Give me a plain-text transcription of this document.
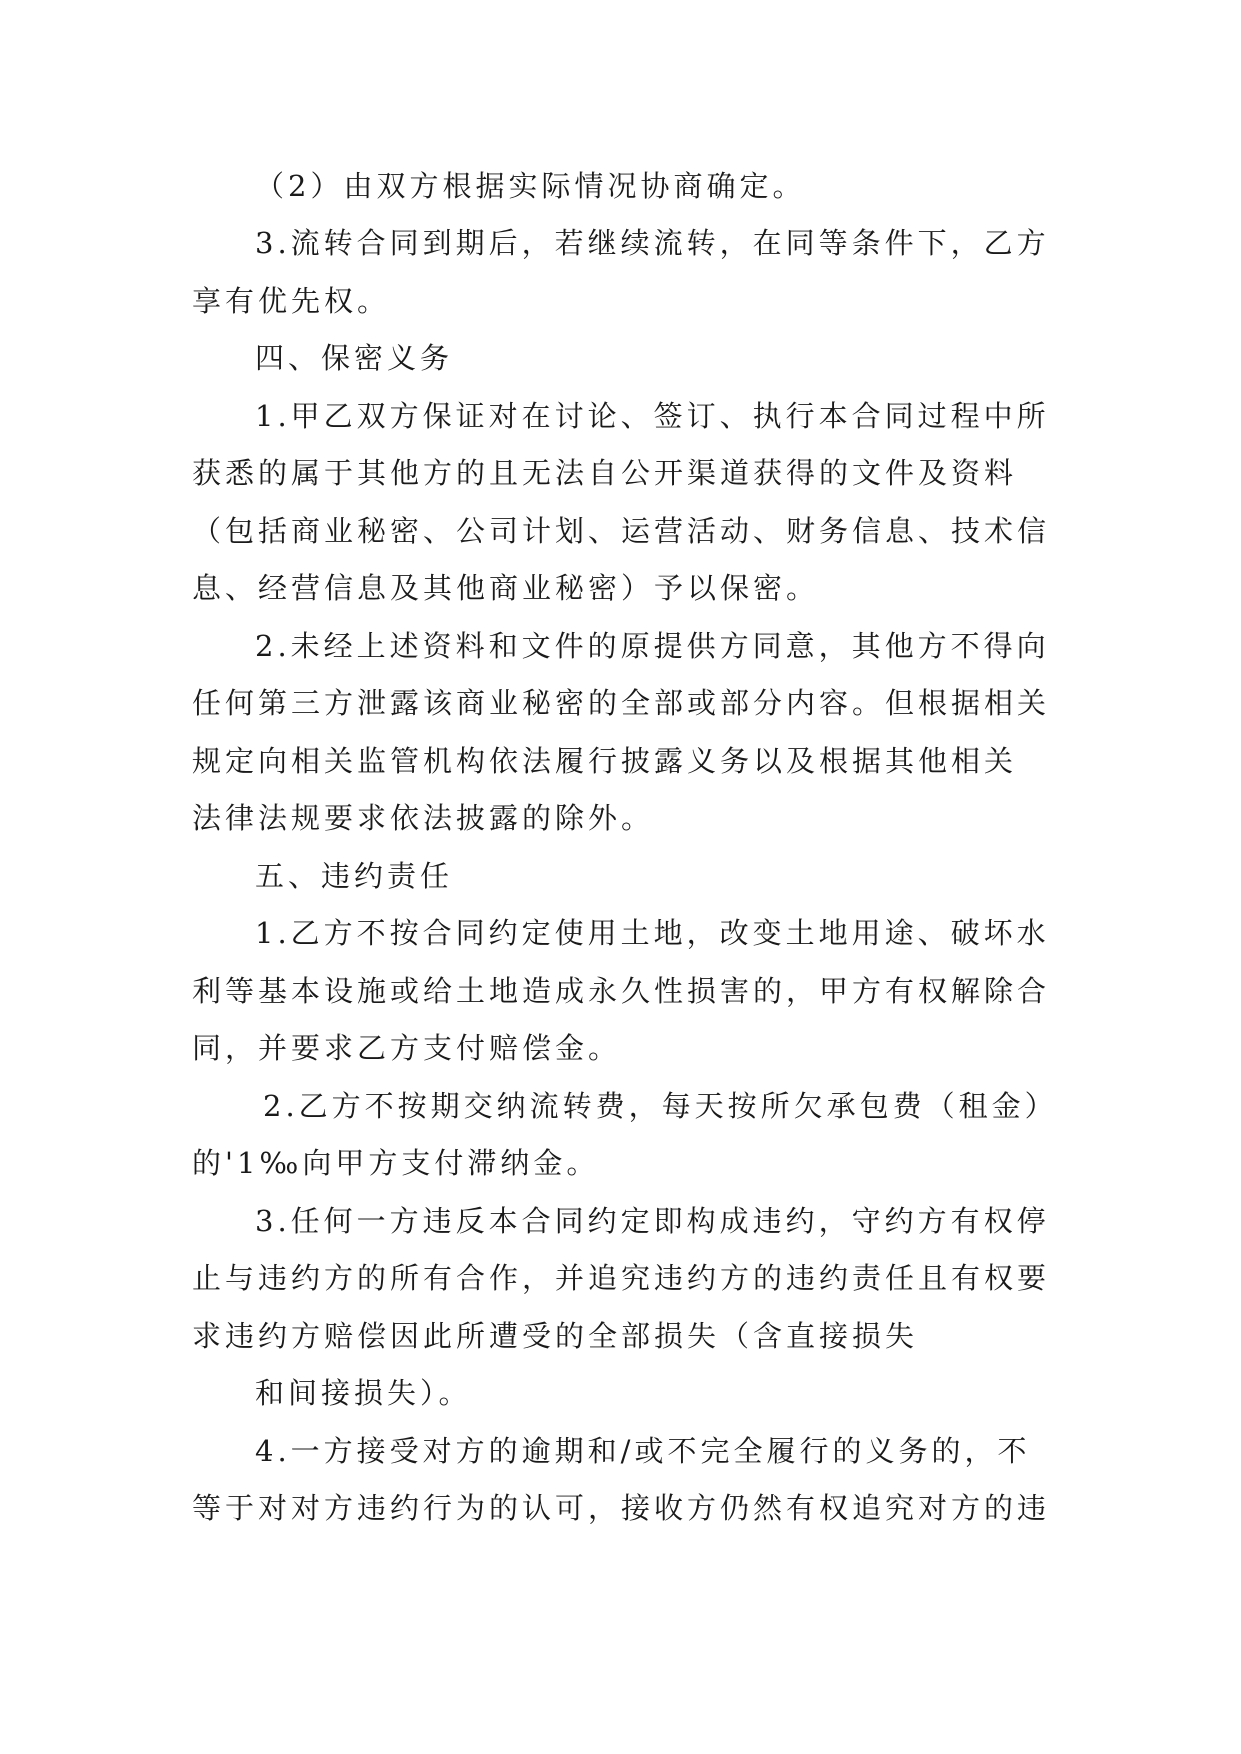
（2）由双方根据实际情况协商确定。
3.流转合同到期后，若继续流转，在同等条件下，乙方
享有优先权。
四、保密义务
1.甲乙双方保证对在讨论、签订、执行本合同过程中所
获悉的属于其他方的且无法自公开渠道获得的文件及资料
（包括商业秘密、公司计划、运营活动、财务信息、技术信
息、经营信息及其他商业秘密）予以保密。
2.未经上述资料和文件的原提供方同意，其他方不得向
任何第三方泄露该商业秘密的全部或部分内容。但根据相关
规定向相关监管机构依法履行披露义务以及根据其他相关
法律法规要求依法披露的除外。
五、违约责任
1.乙方不按合同约定使用土地，改变土地用途、破坏水
利等基本设施或给土地造成永久性损害的，甲方有权解除合
同，并要求乙方支付赔偿金。
2.乙方不按期交纳流转费，每天按所欠承包费（租金）
的'1‰向甲方支付滞纳金。
3.任何一方违反本合同约定即构成违约，守约方有权停
止与违约方的所有合作，并追究违约方的违约责任且有权要
求违约方赔偿因此所遭受的全部损失（含直接损失
和间接损失）。
4.一方接受对方的逾期和/或不完全履行的义务的，不
等于对对方违约行为的认可，接收方仍然有权追究对方的违
